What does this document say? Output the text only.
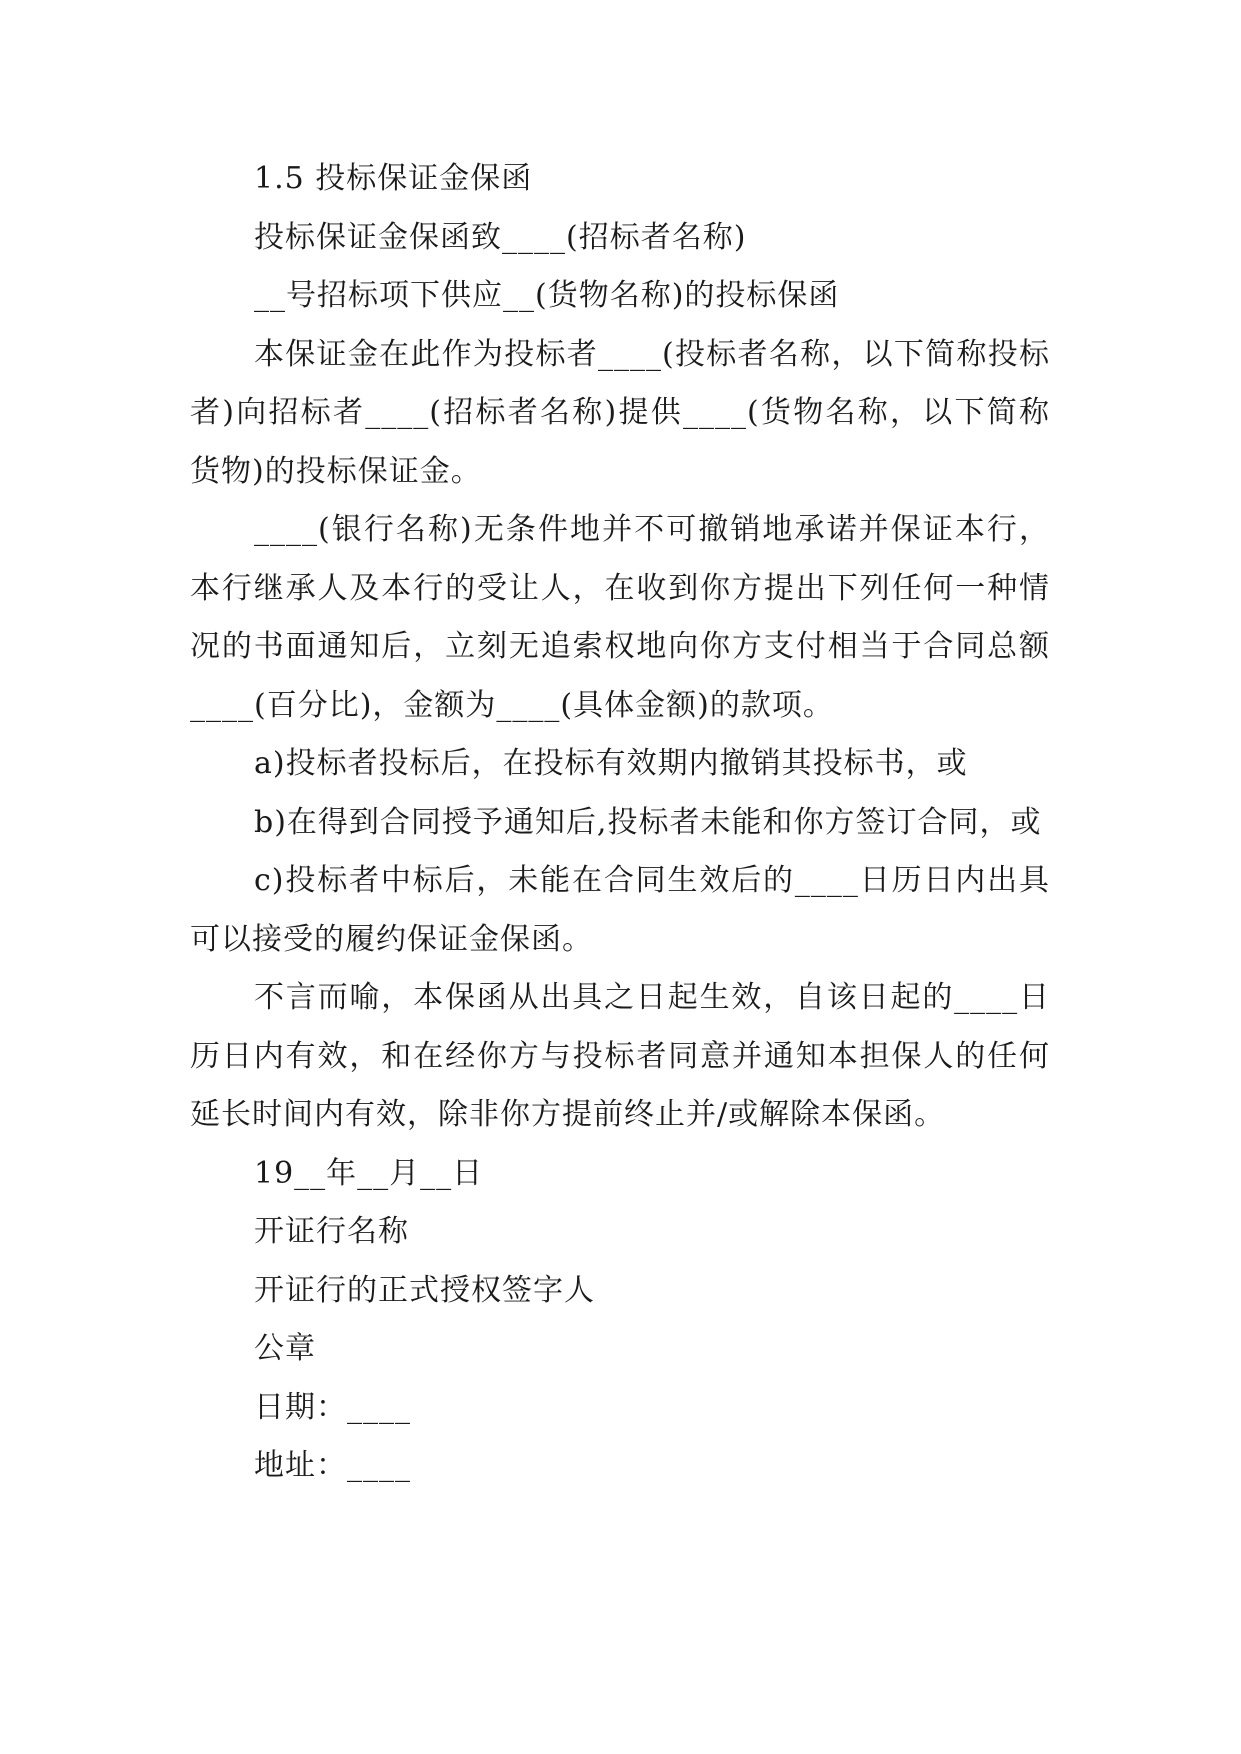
1.5 投标保证金保函

投标保证金保函致____(招标者名称)

__号招标项下供应__(货物名称)的投标保函

本保证金在此作为投标者____(投标者名称，以下简称投标者)向招标者____(招标者名称)提供____(货物名称，以下简称货物)的投标保证金。

____(银行名称)无条件地并不可撤销地承诺并保证本行，本行继承人及本行的受让人，在收到你方提出下列任何一种情况的书面通知后，立刻无追索权地向你方支付相当于合同总额____(百分比)，金额为____(具体金额)的款项。

a)投标者投标后，在投标有效期内撤销其投标书，或

b)在得到合同授予通知后,投标者未能和你方签订合同，或

c)投标者中标后，未能在合同生效后的____日历日内出具可以接受的履约保证金保函。

不言而喻，本保函从出具之日起生效，自该日起的____日历日内有效，和在经你方与投标者同意并通知本担保人的任何延长时间内有效，除非你方提前终止并/或解除本保函。

19__年__月__日

开证行名称

开证行的正式授权签字人

公章

日期：____

地址：____
